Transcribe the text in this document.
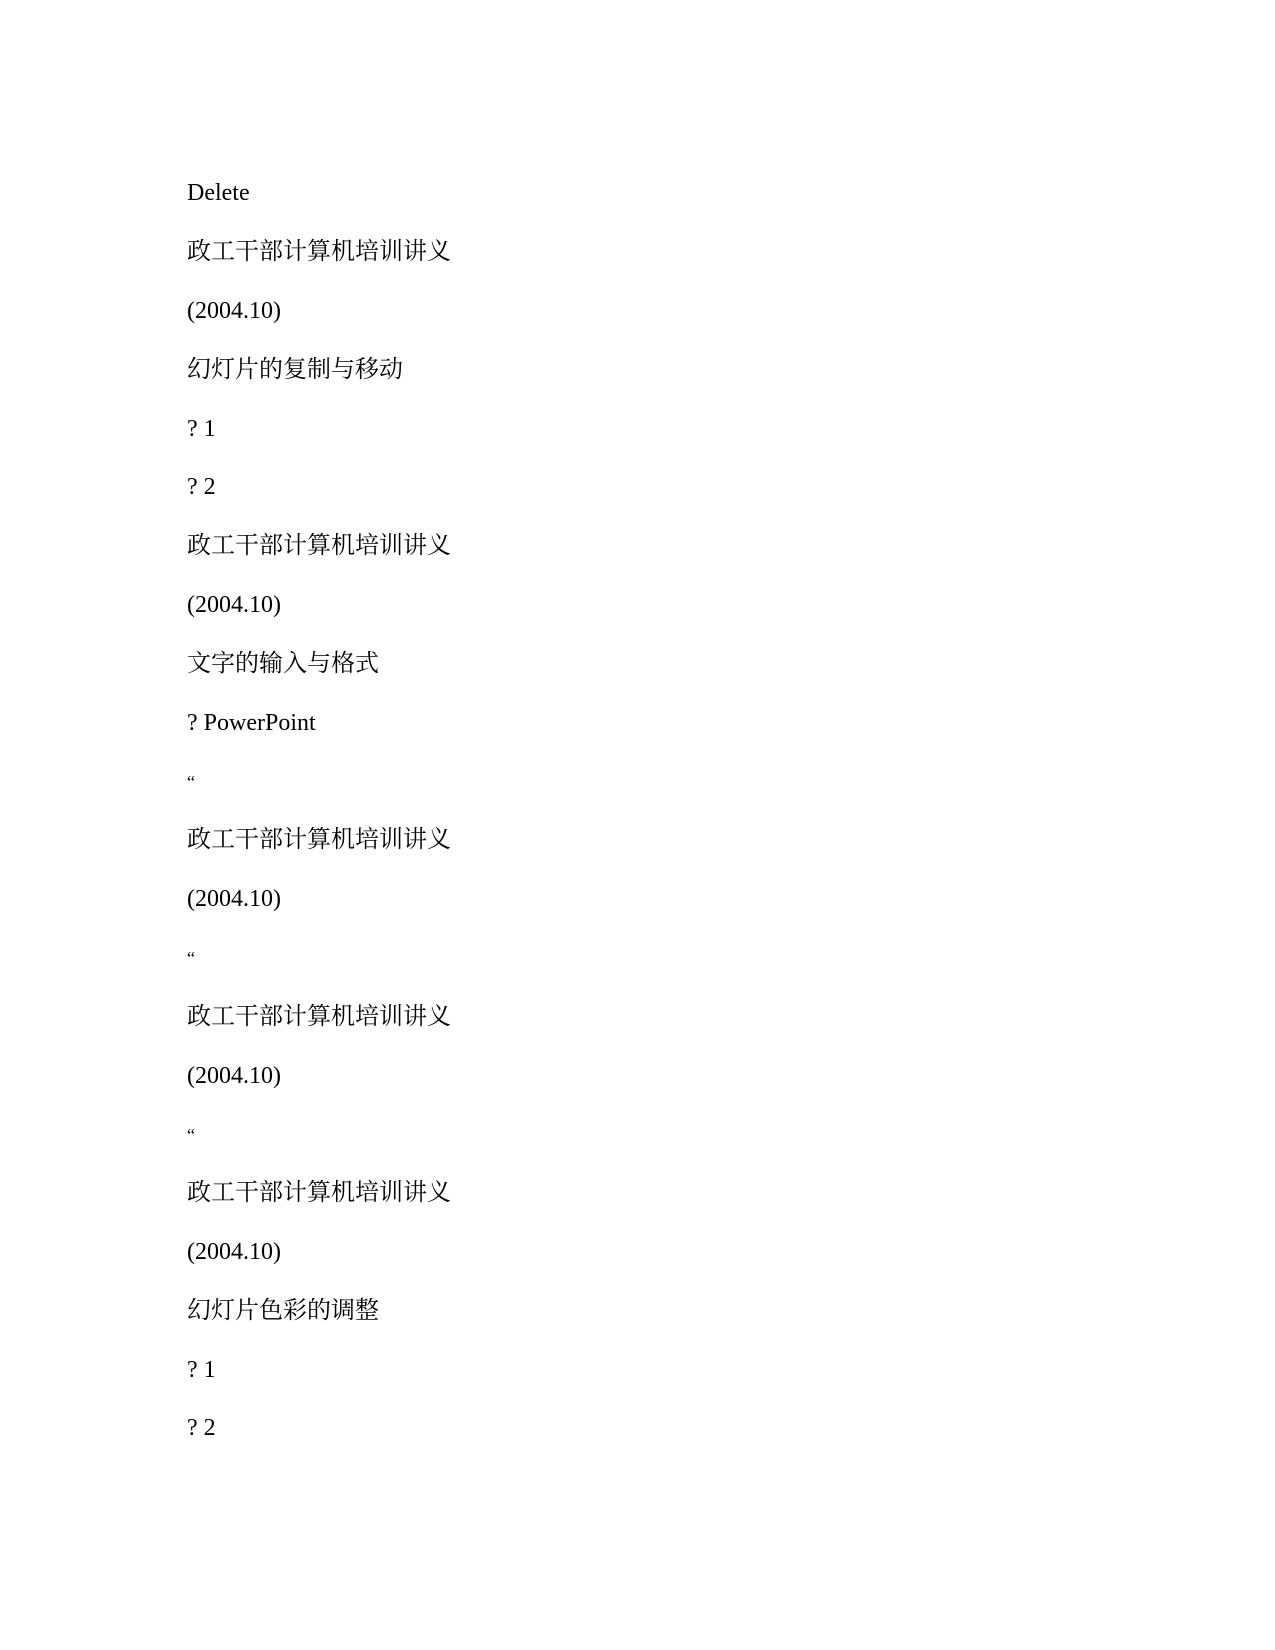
Delete
政工干部计算机培训讲义
(2004.10)
幻灯片的复制与移动
? 1
? 2
政工干部计算机培训讲义
(2004.10)
文字的输入与格式
? PowerPoint
“
政工干部计算机培训讲义
(2004.10)
“
政工干部计算机培训讲义
(2004.10)
“
政工干部计算机培训讲义
(2004.10)
幻灯片色彩的调整
? 1
? 2
